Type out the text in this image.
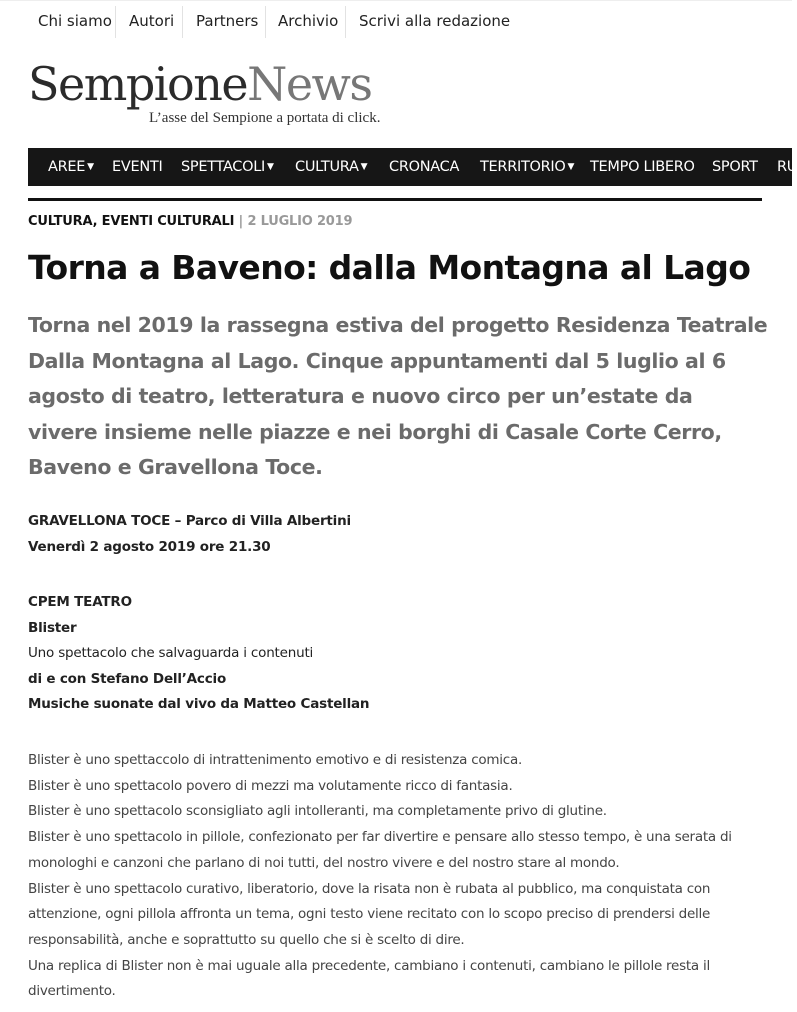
Chi siamo Autori Partners Archivio Scrivi alla redazione
SempioneNews
L’asse del Sempione a portata di click.
AREE ▼ EVENTI SPETTACOLI ▼ CULTURA ▼ CRONACA TERRITORIO ▼ TEMPO LIBERO SPORT RU
CULTURA, EVENTI CULTURALI | 2 LUGLIO 2019
Torna a Baveno: dalla Montagna al Lago

Torna nel 2019 la rassegna estiva del progetto Residenza Teatrale Dalla Montagna al Lago. Cinque appuntamenti dal 5 luglio al 6 agosto di teatro, letteratura e nuovo circo per un’estate da vivere insieme nelle piazze e nei borghi di Casale Corte Cerro, Baveno e Gravellona Toce.

GRAVELLONA TOCE – Parco di Villa Albertini
Venerdì 2 agosto 2019 ore 21.30
CPEM TEATRO
Blister
Uno spettacolo che salvaguarda i contenuti
di e con Stefano Dell’Accio
Musiche suonate dal vivo da Matteo Castellan

Blister è uno spettaccolo di intrattenimento emotivo e di resistenza comica.

Blister è uno spettacolo povero di mezzi ma volutamente ricco di fantasia.

Blister è uno spettacolo sconsigliato agli intolleranti, ma completamente privo di glutine.

Blister è uno spettacolo in pillole, confezionato per far divertire e pensare allo stesso tempo, è una serata di monologhi e canzoni che parlano di noi tutti, del nostro vivere e del nostro stare al mondo.

Blister è uno spettacolo curativo, liberatorio, dove la risata non è rubata al pubblico, ma conquistata con attenzione, ogni pillola affronta un tema, ogni testo viene recitato con lo scopo preciso di prendersi delle responsabilità, anche e soprattutto su quello che si è scelto di dire.

Una replica di Blister non è mai uguale alla precedente, cambiano i contenuti, cambiano le pillole resta il divertimento.
